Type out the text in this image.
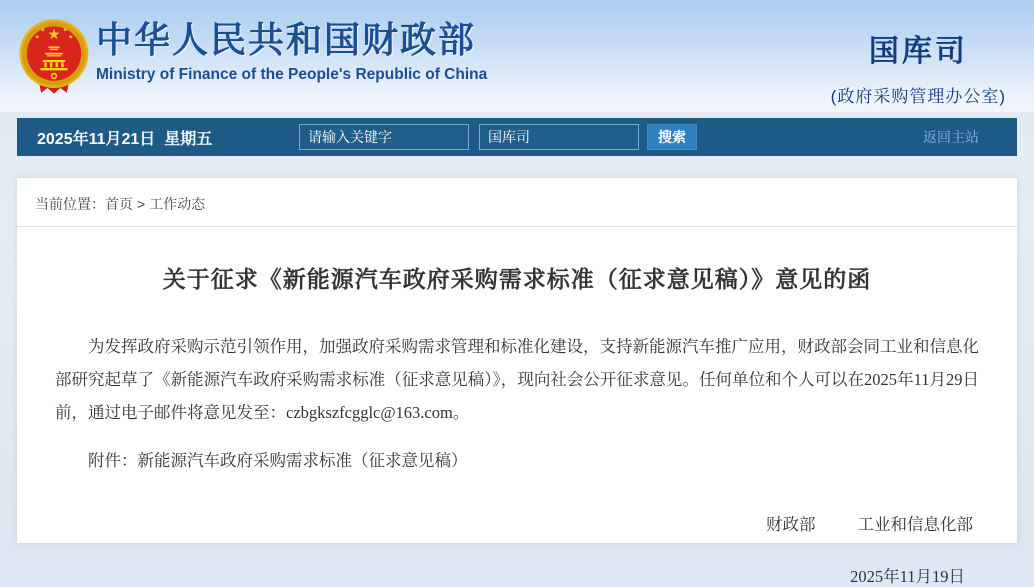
中华人民共和国财政部
Ministry of Finance of the People's Republic of China
国库司
(政府采购管理办公室)
2025年11月21日  星期五
请输入关键字
国库司	搜索	返回主站
当前位置：首页 > 工作动态
关于征求《新能源汽车政府采购需求标准（征求意见稿）》意见的函

为发挥政府采购示范引领作用，加强政府采购需求管理和标准化建设，支持新能源汽车推广应用，财政部会同工业和信息化部研究起草了《新能源汽车政府采购需求标准（征求意见稿）》，现向社会公开征求意见。任何单位和个人可以在2025年11月29日前，通过电子邮件将意见发至：czbgkszfcgglc@163.com。

附件：新能源汽车政府采购需求标准（征求意见稿）

财政部	工业和信息化部
2025年11月19日
